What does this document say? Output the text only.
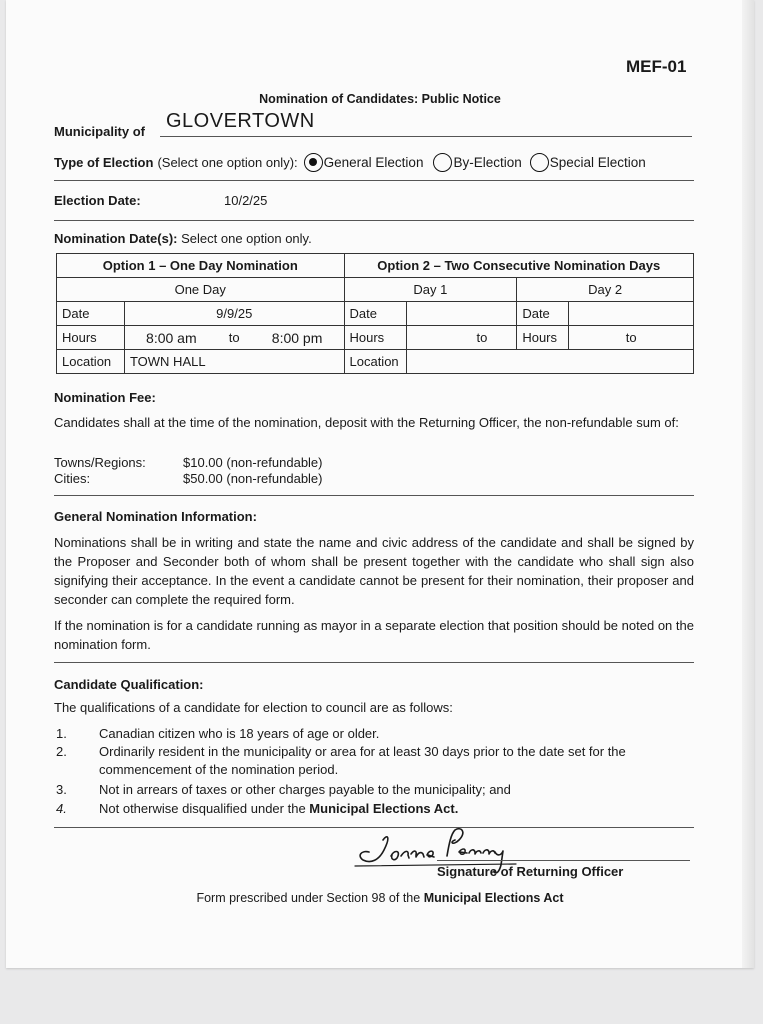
MEF-01
Nomination of Candidates: Public Notice
Municipality of GLOVERTOWN
Type of Election (Select one option only): General Election By-Election Special Election
Election Date:	10/2/25
Nomination Date(s): Select one option only.
Option 1 – One Day Nomination		Option 2 – Two Consecutive Nomination Days			
One Day		Day 1		Day 2	
Date	9/9/25	Date		Date	
Hours	8:00 am to 8:00 pm	Hours	to	Hours	to
Location	TOWN HALL	Location			
Nomination Fee:
Candidates shall at the time of the nomination, deposit with the Returning Officer, the non-refundable sum of:
Towns/Regions:	$10.00 (non-refundable)
Cities:	$50.00 (non-refundable)
General Nomination Information:
Nominations shall be in writing and state the name and civic address of the candidate and shall be signed by the Proposer and Seconder both of whom shall be present together with the candidate who shall sign also signifying their acceptance. In the event a candidate cannot be present for their nomination, their proposer and seconder can complete the required form.
If the nomination is for a candidate running as mayor in a separate election that position should be noted on the nomination form.
Candidate Qualification:
The qualifications of a candidate for election to council are as follows:
1. Canadian citizen who is 18 years of age or older.
2. Ordinarily resident in the municipality or area for at least 30 days prior to the date set for the commencement of the nomination period.
3. Not in arrears of taxes or other charges payable to the municipality; and
4. Not otherwise disqualified under the Municipal Elections Act.
Signature of Returning Officer
Form prescribed under Section 98 of the Municipal Elections Act
